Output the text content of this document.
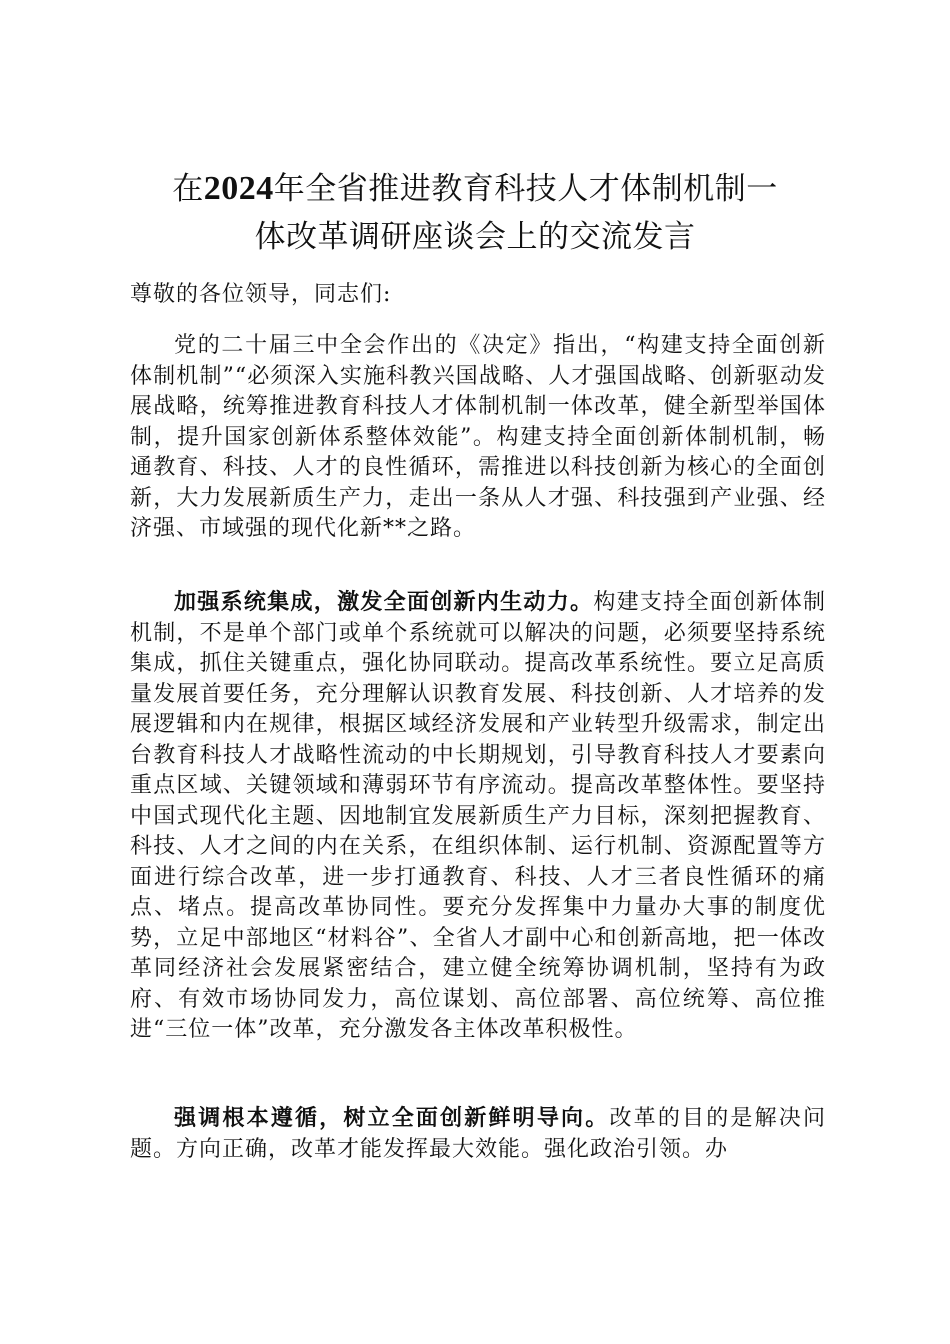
在2024年全省推进教育科技人才体制机制一
体改革调研座谈会上的交流发言
尊敬的各位领导，同志们:
党的二十届三中全会作出的《决定》指出，“构建支持全面创新体制机制”“必须深入实施科教兴国战略、人才强国战略、创新驱动发展战略，统筹推进教育科技人才体制机制一体改革，健全新型举国体制，提升国家创新体系整体效能”。构建支持全面创新体制机制，畅通教育、科技、人才的良性循环，需推进以科技创新为核心的全面创新，大力发展新质生产力，走出一条从人才强、科技强到产业强、经济强、市域强的现代化新**之路。
加强系统集成，激发全面创新内生动力。构建支持全面创新体制机制，不是单个部门或单个系统就可以解决的问题，必须要坚持系统集成，抓住关键重点，强化协同联动。提高改革系统性。要立足高质量发展首要任务，充分理解认识教育发展、科技创新、人才培养的发展逻辑和内在规律，根据区域经济发展和产业转型升级需求，制定出台教育科技人才战略性流动的中长期规划，引导教育科技人才要素向重点区域、关键领域和薄弱环节有序流动。提高改革整体性。要坚持中国式现代化主题、因地制宜发展新质生产力目标，深刻把握教育、科技、人才之间的内在关系，在组织体制、运行机制、资源配置等方面进行综合改革，进一步打通教育、科技、人才三者良性循环的痛点、堵点。提高改革协同性。要充分发挥集中力量办大事的制度优势，立足中部地区“材料谷”、全省人才副中心和创新高地，把一体改革同经济社会发展紧密结合，建立健全统筹协调机制，坚持有为政府、有效市场协同发力，高位谋划、高位部署、高位统筹、高位推进“三位一体”改革，充分激发各主体改革积极性。
强调根本遵循，树立全面创新鲜明导向。改革的目的是解决问题。方向正确，改革才能发挥最大效能。强化政治引领。办
